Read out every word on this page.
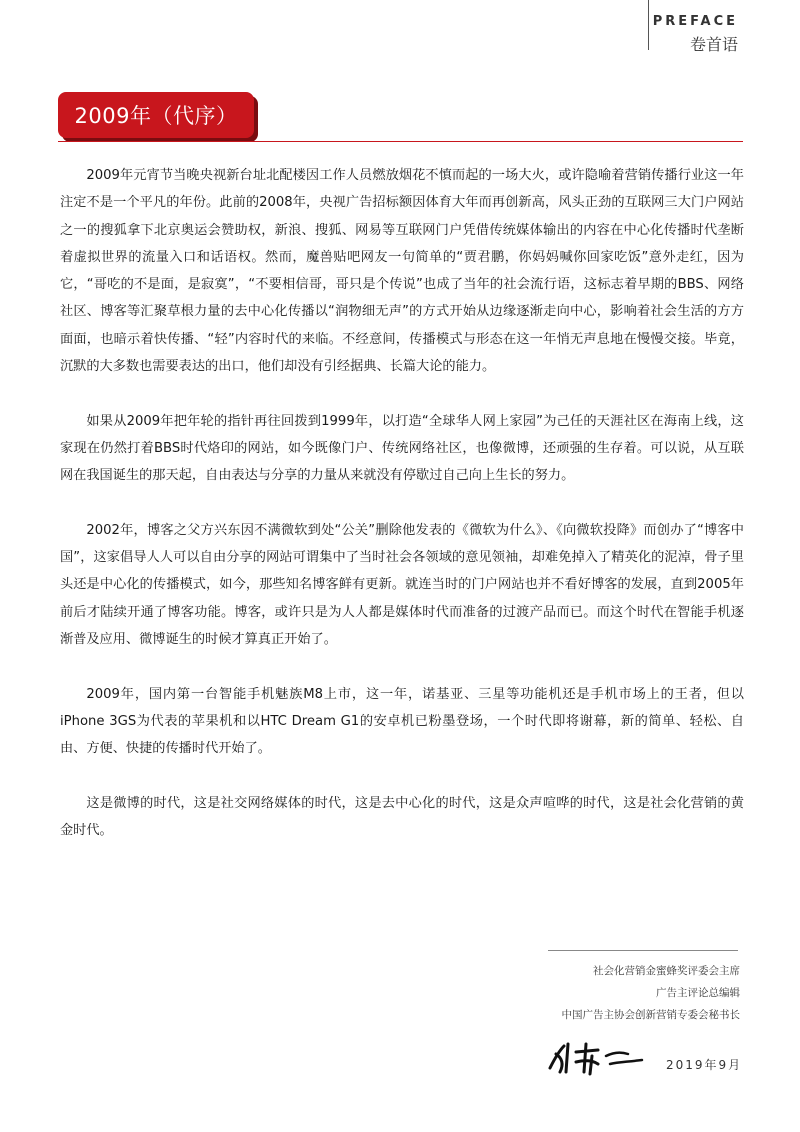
PREFACE
卷首语
2009年（代序）

2009年元宵节当晚央视新台址北配楼因工作人员燃放烟花不慎而起的一场大火，或许隐喻着营销传播行业这一年注定不是一个平凡的年份。此前的2008年，央视广告招标额因体育大年而再创新高，风头正劲的互联网三大门户网站之一的搜狐拿下北京奥运会赞助权，新浪、搜狐、网易等互联网门户凭借传统媒体输出的内容在中心化传播时代垄断着虚拟世界的流量入口和话语权。然而，魔兽贴吧网友一句简单的“贾君鹏，你妈妈喊你回家吃饭”意外走红，因为它，“哥吃的不是面，是寂寞”，“不要相信哥，哥只是个传说”也成了当年的社会流行语，这标志着早期的BBS、网络社区、博客等汇聚草根力量的去中心化传播以“润物细无声”的方式开始从边缘逐渐走向中心，影响着社会生活的方方面面，也暗示着快传播、“轻”内容时代的来临。不经意间，传播模式与形态在这一年悄无声息地在慢慢交接。毕竟，沉默的大多数也需要表达的出口，他们却没有引经据典、长篇大论的能力。

如果从2009年把年轮的指针再往回拨到1999年，以打造“全球华人网上家园”为己任的天涯社区在海南上线，这家现在仍然打着BBS时代烙印的网站，如今既像门户、传统网络社区，也像微博，还顽强的生存着。可以说，从互联网在我国诞生的那天起，自由表达与分享的力量从来就没有停歇过自己向上生长的努力。

2002年，博客之父方兴东因不满微软到处“公关”删除他发表的《微软为什么》、《向微软投降》而创办了“博客中国”，这家倡导人人可以自由分享的网站可谓集中了当时社会各领域的意见领袖，却难免掉入了精英化的泥淖，骨子里头还是中心化的传播模式，如今，那些知名博客鲜有更新。就连当时的门户网站也并不看好博客的发展，直到2005年前后才陆续开通了博客功能。博客，或许只是为人人都是媒体时代而准备的过渡产品而已。而这个时代在智能手机逐渐普及应用、微博诞生的时候才算真正开始了。

2009年，国内第一台智能手机魅族M8上市，这一年，诺基亚、三星等功能机还是手机市场上的王者，但以iPhone 3GS为代表的苹果机和以HTC Dream G1的安卓机已粉墨登场，一个时代即将谢幕，新的简单、轻松、自由、方便、快捷的传播时代开始了。

这是微博的时代，这是社交网络媒体的时代，这是去中心化的时代，这是众声喧哗的时代，这是社会化营销的黄金时代。

社会化营销金蜜蜂奖评委会主席
广告主评论总编辑
中国广告主协会创新营销专委会秘书长
2019年9月
